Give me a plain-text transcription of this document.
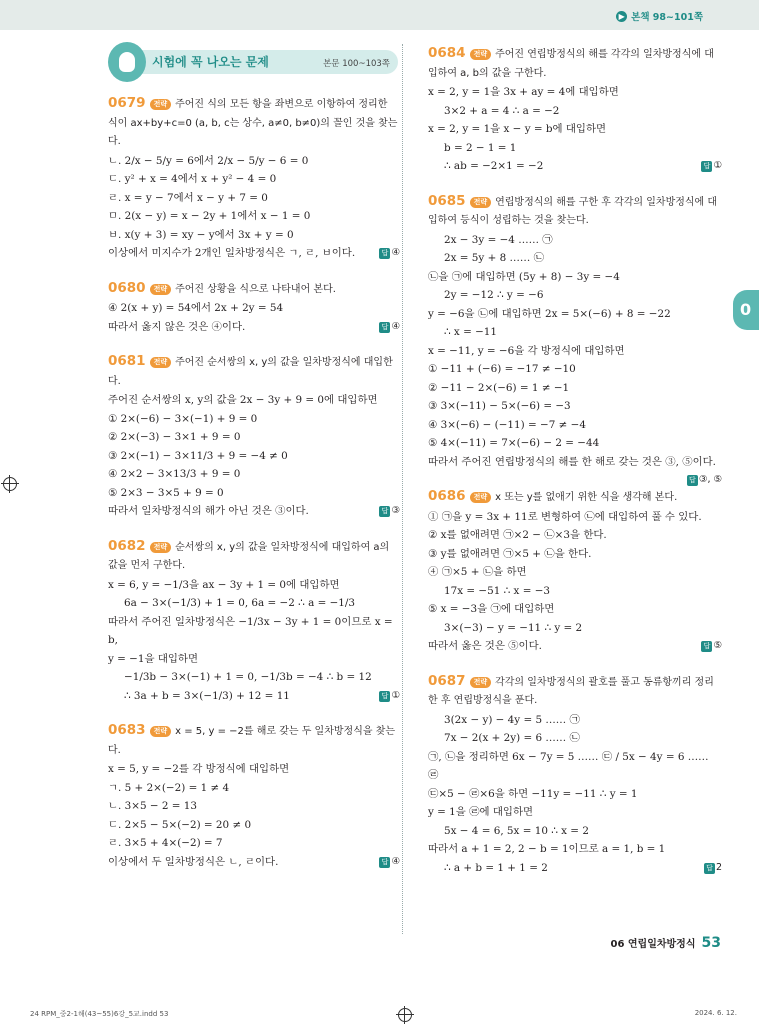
▶ 본책 98~101쪽
시험에 꼭 나오는 문제	본문 100~103쪽
0679 전략 주어진 식의 모든 항을 좌변으로 이항하여 정리한 식이 ax+by+c=0 (a, b, c는 상수, a≠0, b≠0)의 꼴인 것을 찾는다.
ㄴ. 2/x − 5/y = 6에서 2/x − 5/y − 6 = 0
ㄷ. y² + x = 4에서 x + y² − 4 = 0
ㄹ. x = y − 7에서 x − y + 7 = 0
ㅁ. 2(x − y) = x − 2y + 1에서 x − 1 = 0
ㅂ. x(y + 3) = xy − y에서 3x + y = 0
이상에서 미지수가 2개인 일차방정식은 ㄱ, ㄹ, ㅂ이다.	답 ④
0680 전략 주어진 상황을 식으로 나타내어 본다.
④ 2(x + y) = 54에서 2x + 2y = 54
따라서 옳지 않은 것은 ④이다.	답 ④
0681 전략 주어진 순서쌍의 x, y의 값을 일차방정식에 대입한다.
주어진 순서쌍의 x, y의 값을 2x − 3y + 9 = 0에 대입하면
① 2×(−6) − 3×(−1) + 9 = 0
② 2×(−3) − 3×1 + 9 = 0
③ 2×(−1) − 3×11/3 + 9 = −4 ≠ 0
④ 2×2 − 3×13/3 + 9 = 0
⑤ 2×3 − 3×5 + 9 = 0
따라서 일차방정식의 해가 아닌 것은 ③이다.	답 ③
0682 전략 순서쌍의 x, y의 값을 일차방정식에 대입하여 a의 값을 먼저 구한다.
x = 6, y = −1/3을 ax − 3y + 1 = 0에 대입하면
6a − 3×(−1/3) + 1 = 0, 6a = −2 ∴ a = −1/3
따라서 주어진 일차방정식은 −1/3x − 3y + 1 = 0이므로 x = b,
y = −1을 대입하면
−1/3b − 3×(−1) + 1 = 0, −1/3b = −4 ∴ b = 12
∴ 3a + b = 3×(−1/3) + 12 = 11	답 ①
0683 전략 x = 5, y = −2를 해로 갖는 두 일차방정식을 찾는다.
x = 5, y = −2를 각 방정식에 대입하면
ㄱ. 5 + 2×(−2) = 1 ≠ 4
ㄴ. 3×5 − 2 = 13
ㄷ. 2×5 − 5×(−2) = 20 ≠ 0
ㄹ. 3×5 + 4×(−2) = 7
이상에서 두 일차방정식은 ㄴ, ㄹ이다.	답 ④
0684 전략 주어진 연립방정식의 해를 각각의 일차방정식에 대입하여 a, b의 값을 구한다.
x = 2, y = 1을 3x + ay = 4에 대입하면
3×2 + a = 4 ∴ a = −2
x = 2, y = 1을 x − y = b에 대입하면
b = 2 − 1 = 1
∴ ab = −2×1 = −2	답 ①
0685 전략 연립방정식의 해를 구한 후 각각의 일차방정식에 대입하여 등식이 성립하는 것을 찾는다.
2x − 3y = −4 …… ㉠
2x = 5y + 8 …… ㉡
㉡을 ㉠에 대입하면 (5y + 8) − 3y = −4
2y = −12 ∴ y = −6
y = −6을 ㉡에 대입하면 2x = 5×(−6) + 8 = −22
∴ x = −11
x = −11, y = −6을 각 방정식에 대입하면
① −11 + (−6) = −17 ≠ −10
② −11 − 2×(−6) = 1 ≠ −1
③ 3×(−11) − 5×(−6) = −3
④ 3×(−6) − (−11) = −7 ≠ −4
⑤ 4×(−11) = 7×(−6) − 2 = −44
따라서 주어진 연립방정식의 해를 한 해로 갖는 것은 ③, ⑤이다.
답 ③, ⑤
0686 전략 x 또는 y를 없애기 위한 식을 생각해 본다.
① ㉠을 y = 3x + 11로 변형하여 ㉡에 대입하여 풀 수 있다.
② x를 없애려면 ㉠×2 − ㉡×3을 한다.
③ y를 없애려면 ㉠×5 + ㉡을 한다.
④ ㉠×5 + ㉡을 하면
17x = −51 ∴ x = −3
⑤ x = −3을 ㉠에 대입하면
3×(−3) − y = −11 ∴ y = 2
따라서 옳은 것은 ⑤이다.	답 ⑤
0687 전략 각각의 일차방정식의 괄호를 풀고 동류항끼리 정리한 후 연립방정식을 푼다.
3(2x − y) − 4y = 5 …… ㉠
7x − 2(x + 2y) = 6 …… ㉡
㉠, ㉡을 정리하면 6x − 7y = 5 …… ㉢ / 5x − 4y = 6 …… ㉣
㉢×5 − ㉣×6을 하면 −11y = −11 ∴ y = 1
y = 1을 ㉣에 대입하면
5x − 4 = 6, 5x = 10 ∴ x = 2
따라서 a + 1 = 2, 2 − b = 1이므로 a = 1, b = 1
∴ a + b = 1 + 1 = 2	답 2
0
06 연립일차방정식 53
24 RPM_중2-1해(43~55)6강_5교.indd 53	2024. 6. 12.
